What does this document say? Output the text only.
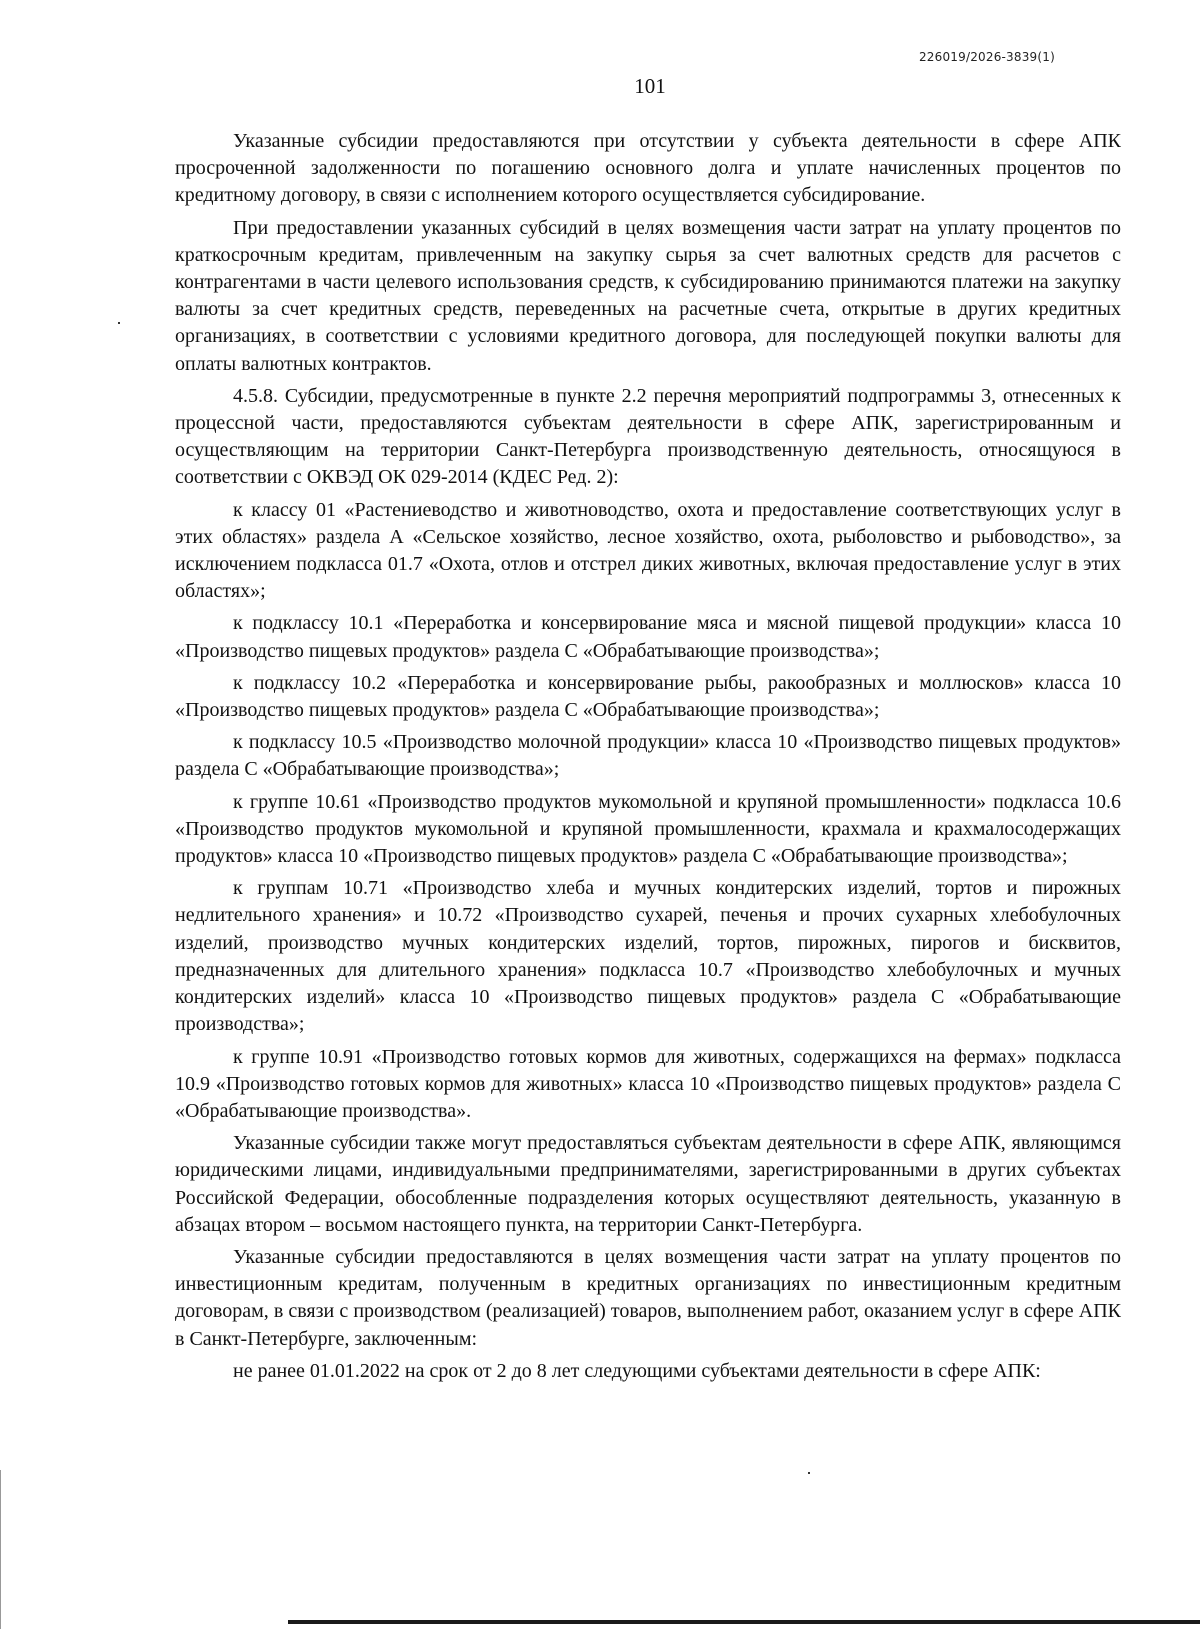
226019/2026-3839(1)
101

Указанные субсидии предоставляются при отсутствии у субъекта деятельности в сфере АПК просроченной задолженности по погашению основного долга и уплате начисленных процентов по кредитному договору, в связи с исполнением которого осуществляется субсидирование.

При предоставлении указанных субсидий в целях возмещения части затрат на уплату процентов по краткосрочным кредитам, привлеченным на закупку сырья за счет валютных средств для расчетов с контрагентами в части целевого использования средств, к субсидированию принимаются платежи на закупку валюты за счет кредитных средств, переведенных на расчетные счета, открытые в других кредитных организациях, в соответствии с условиями кредитного договора, для последующей покупки валюты для оплаты валютных контрактов.

4.5.8. Субсидии, предусмотренные в пункте 2.2 перечня мероприятий подпрограммы 3, отнесенных к процессной части, предоставляются субъектам деятельности в сфере АПК, зарегистрированным и осуществляющим на территории Санкт-Петербурга производственную деятельность, относящуюся в соответствии с ОКВЭД ОК 029-2014 (КДЕС Ред. 2):

к классу 01 «Растениеводство и животноводство, охота и предоставление соответствующих услуг в этих областях» раздела А «Сельское хозяйство, лесное хозяйство, охота, рыболовство и рыбоводство», за исключением подкласса 01.7 «Охота, отлов и отстрел диких животных, включая предоставление услуг в этих областях»;

к подклассу 10.1 «Переработка и консервирование мяса и мясной пищевой продукции» класса 10 «Производство пищевых продуктов» раздела С «Обрабатывающие производства»;

к подклассу 10.2 «Переработка и консервирование рыбы, ракообразных и моллюсков» класса 10 «Производство пищевых продуктов» раздела С «Обрабатывающие производства»;

к подклассу 10.5 «Производство молочной продукции» класса 10 «Производство пищевых продуктов» раздела С «Обрабатывающие производства»;

к группе 10.61 «Производство продуктов мукомольной и крупяной промышленности» подкласса 10.6 «Производство продуктов мукомольной и крупяной промышленности, крахмала и крахмалосодержащих продуктов» класса 10 «Производство пищевых продуктов» раздела С «Обрабатывающие производства»;

к группам 10.71 «Производство хлеба и мучных кондитерских изделий, тортов и пирожных недлительного хранения» и 10.72 «Производство сухарей, печенья и прочих сухарных хлебобулочных изделий, производство мучных кондитерских изделий, тортов, пирожных, пирогов и бисквитов, предназначенных для длительного хранения» подкласса 10.7 «Производство хлебобулочных и мучных кондитерских изделий» класса 10 «Производство пищевых продуктов» раздела С «Обрабатывающие производства»;

к группе 10.91 «Производство готовых кормов для животных, содержащихся на фермах» подкласса 10.9 «Производство готовых кормов для животных» класса 10 «Производство пищевых продуктов» раздела С «Обрабатывающие производства».

Указанные субсидии также могут предоставляться субъектам деятельности в сфере АПК, являющимся юридическими лицами, индивидуальными предпринимателями, зарегистрированными в других субъектах Российской Федерации, обособленные подразделения которых осуществляют деятельность, указанную в абзацах втором – восьмом настоящего пункта, на территории Санкт-Петербурга.

Указанные субсидии предоставляются в целях возмещения части затрат на уплату процентов по инвестиционным кредитам, полученным в кредитных организациях по инвестиционным кредитным договорам, в связи с производством (реализацией) товаров, выполнением работ, оказанием услуг в сфере АПК в Санкт-Петербурге, заключенным:

не ранее 01.01.2022 на срок от 2 до 8 лет следующими субъектами деятельности в сфере АПК:
